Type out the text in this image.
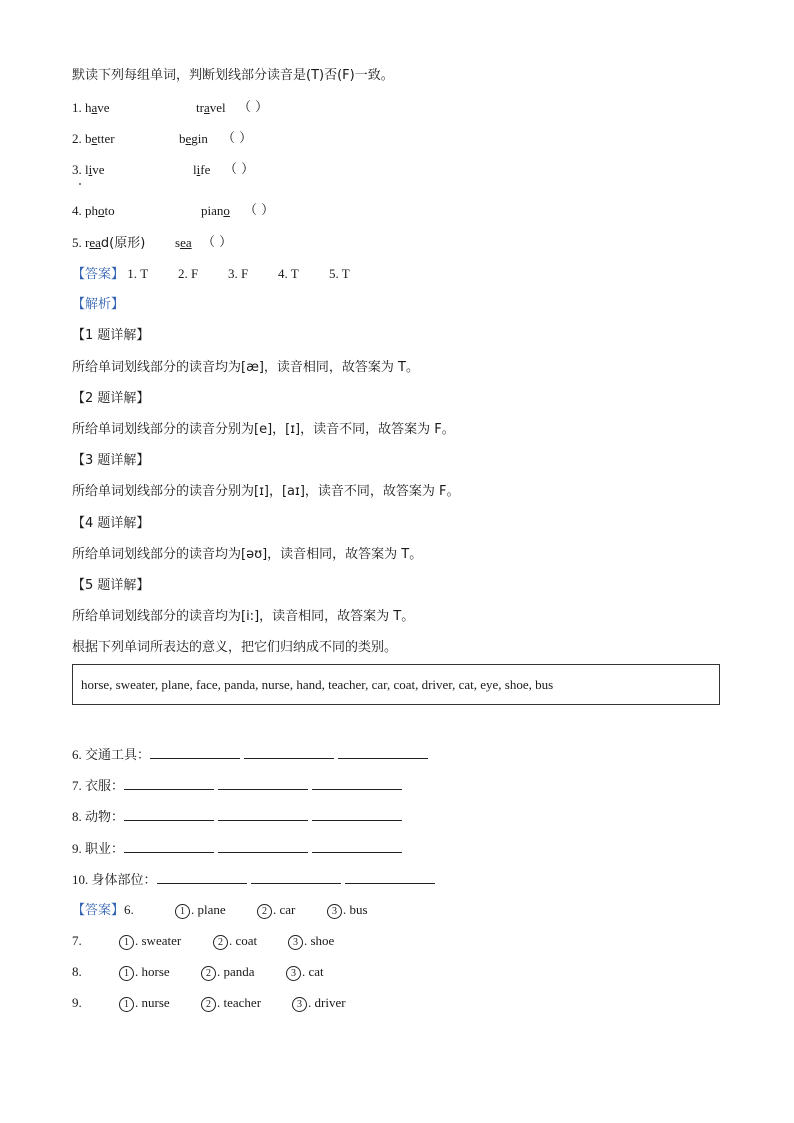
默读下列每组单词，判断划线部分读音是(T)否(F)一致。
1. have	travel （ ）
2. better	begin （ ）
3. live	life （ ）
4. photo	piano （ ）
5. read(原形) sea （ ）
【答案】 1. T 2. F 3. F 4. T 5. T
【解析】
【1 题详解】
所给单词划线部分的读音均为[æ]，读音相同，故答案为 T。
【2 题详解】
所给单词划线部分的读音分别为[e]，[ɪ]，读音不同，故答案为 F。
【3 题详解】
所给单词划线部分的读音分别为[ɪ]，[aɪ]，读音不同，故答案为 F。
【4 题详解】
所给单词划线部分的读音均为[əʊ]，读音相同，故答案为 T。
【5 题详解】
所给单词划线部分的读音均为[i:]，读音相同，故答案为 T。
根据下列单词所表达的意义，把它们归纳成不同的类别。
horse, sweater, plane, face, panda, nurse, hand, teacher, car, coat, driver, cat, eye, shoe, bus
6. 交通工具：
7. 衣服：
8. 动物：
9. 职业：
10. 身体部位：
【答案】6.	1 . plane	2 . car	3 . bus
7.	1 . sweater	2 . coat	3 . shoe
8.	1 . horse	2 . panda	3 . cat
9.	1 . nurse	2 . teacher	3 . driver
